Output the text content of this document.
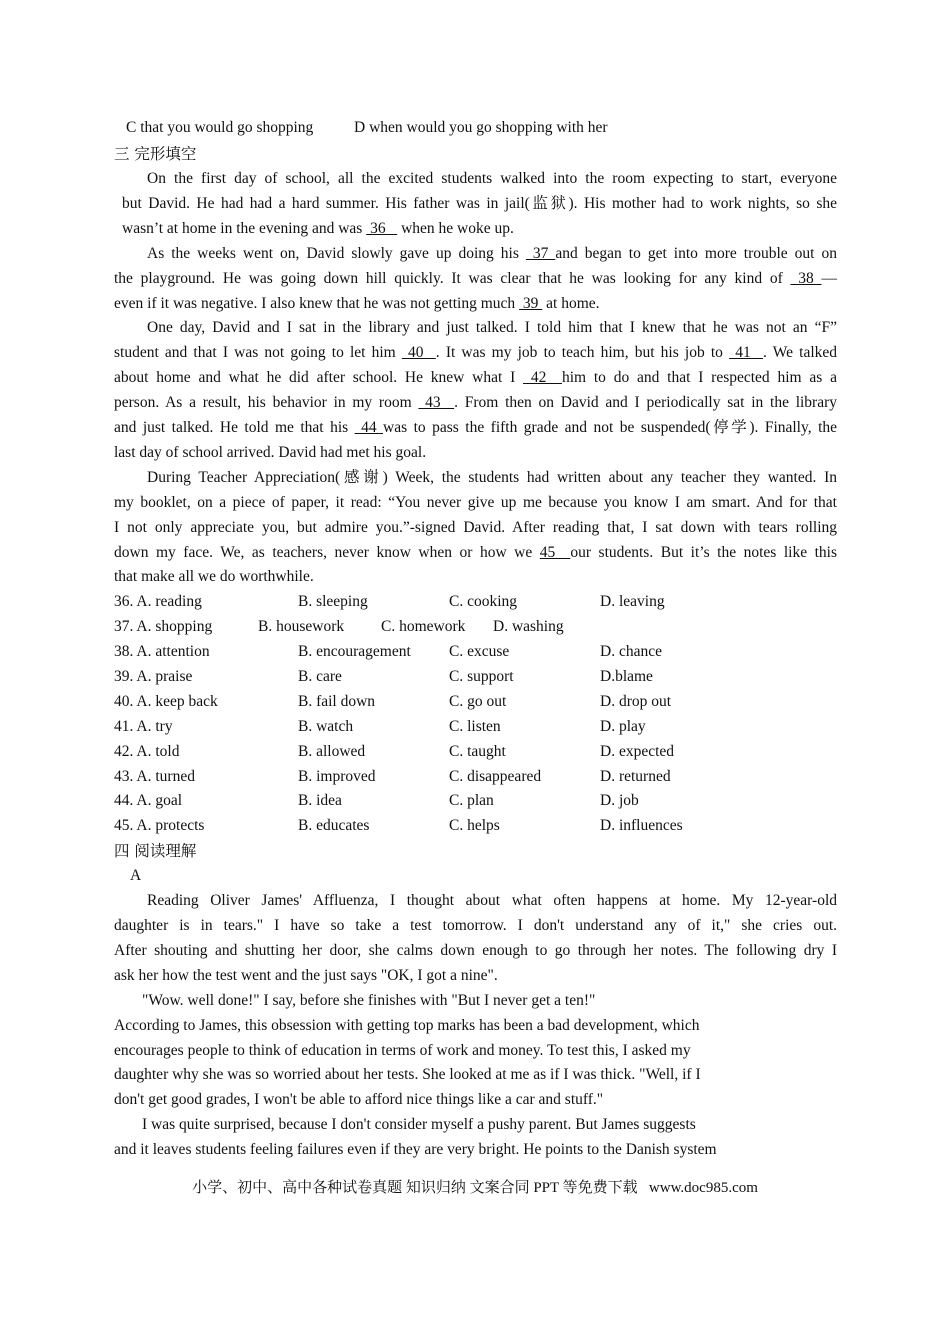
C that you would go shopping	D when would you go shopping with her
三 完形填空
On the first day of school, all the excited students walked into the room expecting to start, everyone
but David. He had had a hard summer. His father was in jail(监狱). His mother had to work nights, so she
wasn’t at home in the evening and was  36    when he woke up.
As the weeks went on, David slowly gave up doing his  37 and began to get into more trouble out on
the playground. He was going down hill quickly. It was clear that he was looking for any kind of  38 —
even if it was negative. I also knew that he was not getting much  39  at home.
One day, David and I sat in the library and just talked. I told him that I knew that he was not an “F”
student and that I was not going to let him  40  . It was my job to teach him, but his job to  41  . We talked
about home and what he did after school. He knew what I  42  him to do and that I respected him as a
person. As a result, his behavior in my room  43  . From then on David and I periodically sat in the library
and just talked. He told me that his  44 was to pass the fifth grade and not be suspended(停学). Finally, the
last day of school arrived. David had met his goal.
During Teacher Appreciation(感谢) Week, the students had written about any teacher they wanted. In
my booklet, on a piece of paper, it read: “You never give up me because you know I am smart. And for that
I not only appreciate you, but admire you.”-signed David. After reading that, I sat down with tears rolling
down my face. We, as teachers, never know when or how we 45  our students. But it’s the notes like this
that make all we do worthwhile.
36. A. reading	B. sleeping	C. cooking	D. leaving
37. A. shopping	B. housework C. homework D. washing
38. A. attention	B. encouragement C. excuse	D. chance
39. A. praise	B. care	C. support	D.blame
40. A. keep back	B. fail down	C. go out	D. drop out
41. A. try	B. watch	C. listen	D. play
42. A. told	B. allowed	C. taught	D. expected
43. A. turned	B. improved	C. disappeared	D. returned
44. A. goal	B. idea	C. plan	D. job
45. A. protects	B. educates	C. helps	D. influences
四 阅读理解
A
Reading Oliver James' Affluenza, I thought about what often happens at home. My 12-year-old
daughter is in tears." I have so take a test tomorrow. I don't understand any of it," she cries out.
After shouting and shutting her door, she calms down enough to go through her notes. The following dry I
ask her how the test went and the just says "OK, I got a nine".
"Wow. well done!" I say, before she finishes with "But I never get a ten!"
According to James, this obsession with getting top marks has been a bad development, which
encourages people to think of education in terms of work and money. To test this, I asked my
daughter why she was so worried about her tests. She looked at me as if I was thick. "Well, if I
don't get good grades, I won't be able to afford nice things like a car and stuff."
I was quite surprised, because I don't consider myself a pushy parent. But James suggests
and it leaves students feeling failures even if they are very bright. He points to the Danish system
小学、初中、高中各种试卷真题 知识归纳 文案合同 PPT 等免费下载   www.doc985.com
